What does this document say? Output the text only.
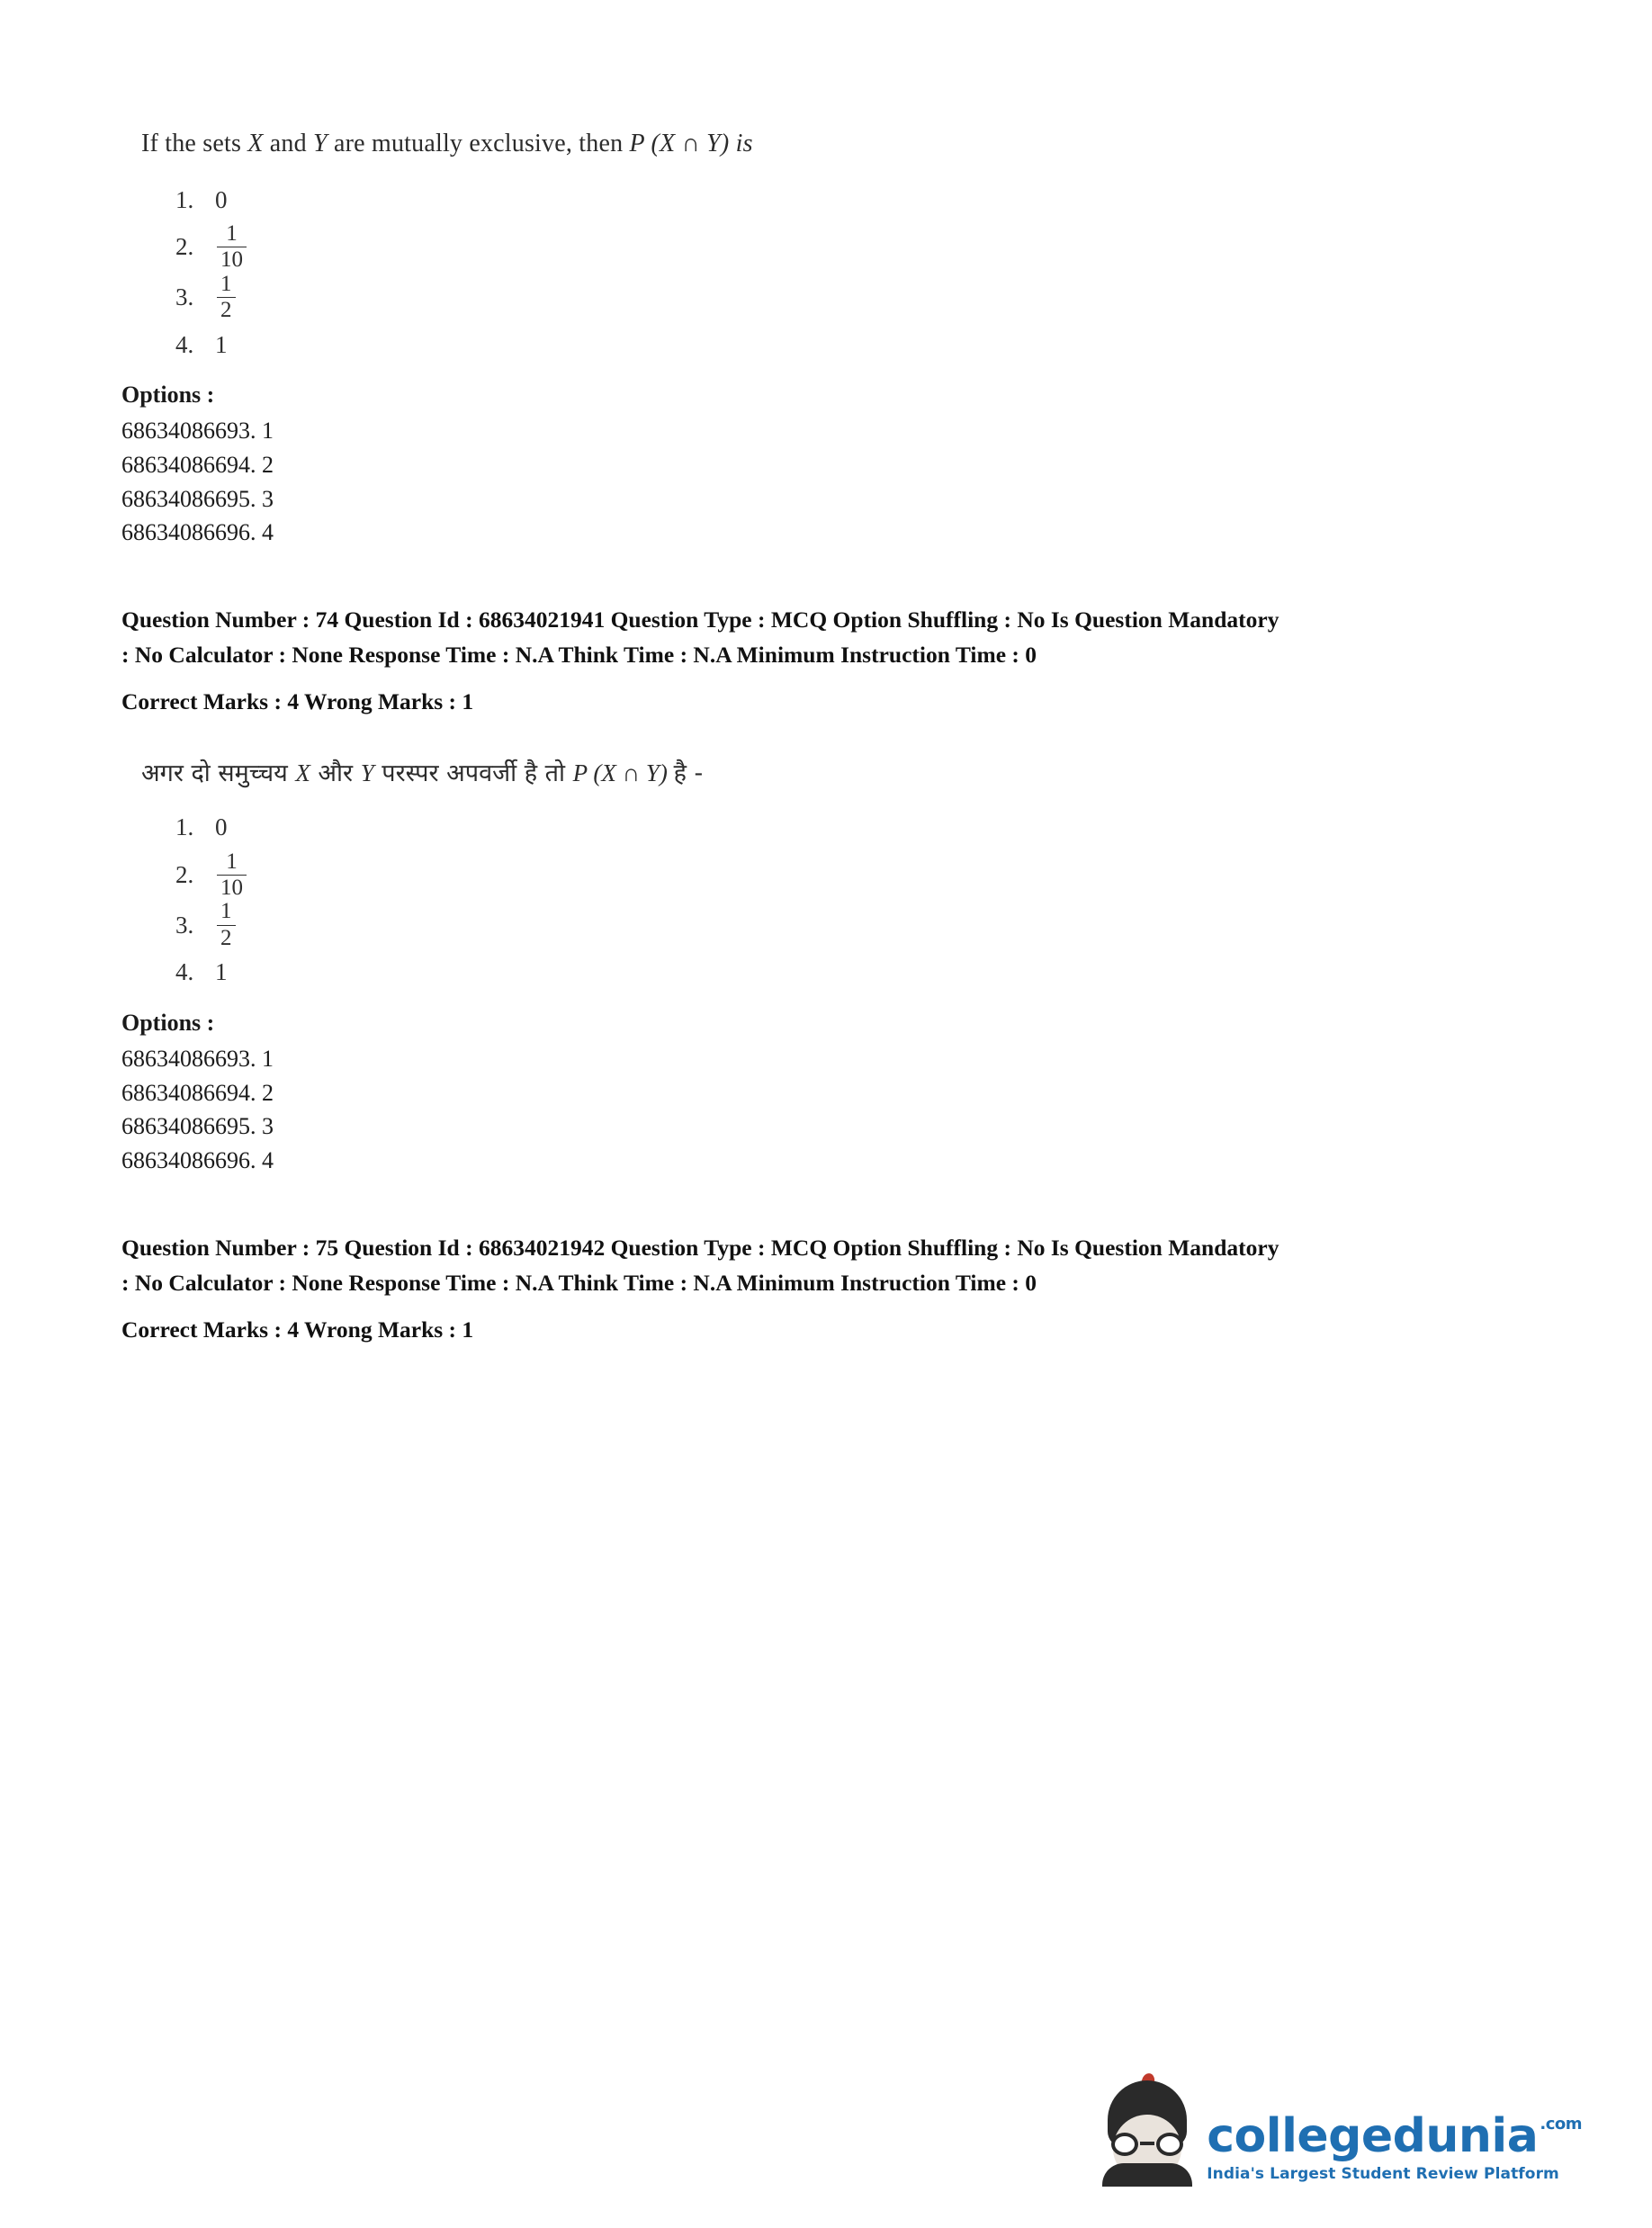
If the sets X and Y are mutually exclusive, then P (X ∩ Y) is
1. 0
2.	$\frac{1}{10}$
3.	$\frac{1}{2}$
4. 1
Options :
68634086693. 1
68634086694. 2
68634086695. 3
68634086696. 4
Question Number : 74 Question Id : 68634021941 Question Type : MCQ Option Shuffling : No Is Question Mandatory
: No Calculator : None Response Time : N.A Think Time : N.A Minimum Instruction Time : 0
Correct Marks : 4 Wrong Marks : 1
अगर दो समुच्चय X और Y परस्पर अपवर्जी है तो P (X ∩ Y) है -
1. 0
2.	$\frac{1}{10}$
3.	$\frac{1}{2}$
4. 1
Options :
68634086693. 1
68634086694. 2
68634086695. 3
68634086696. 4
Question Number : 75 Question Id : 68634021942 Question Type : MCQ Option Shuffling : No Is Question Mandatory
: No Calculator : None Response Time : N.A Think Time : N.A Minimum Instruction Time : 0
Correct Marks : 4 Wrong Marks : 1
collegedunia .com
India's Largest Student Review Platform
